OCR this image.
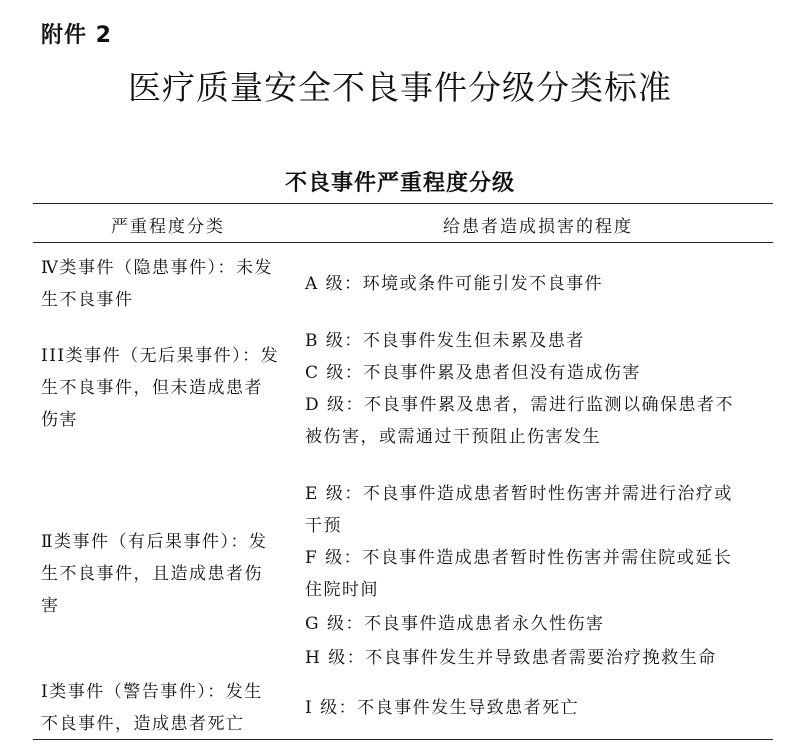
附件 2
医疗质量安全不良事件分级分类标准
不良事件严重程度分级
严重程度分类	给患者造成损害的程度
Ⅳ类事件（隐患事件）：未发
生不良事件
III类事件（无后果事件）：发
生不良事件，但未造成患者
伤害
Ⅱ类事件（有后果事件）：发
生不良事件，且造成患者伤
害
Ⅰ类事件（警告事件）：发生
不良事件，造成患者死亡
A 级：环境或条件可能引发不良事件
B 级：不良事件发生但未累及患者
C 级：不良事件累及患者但没有造成伤害
D 级：不良事件累及患者，需进行监测以确保患者不
被伤害，或需通过干预阻止伤害发生
E 级：不良事件造成患者暂时性伤害并需进行治疗或
干预
F 级：不良事件造成患者暂时性伤害并需住院或延长
住院时间
G 级：不良事件造成患者永久性伤害
H 级：不良事件发生并导致患者需要治疗挽救生命
I 级：不良事件发生导致患者死亡
